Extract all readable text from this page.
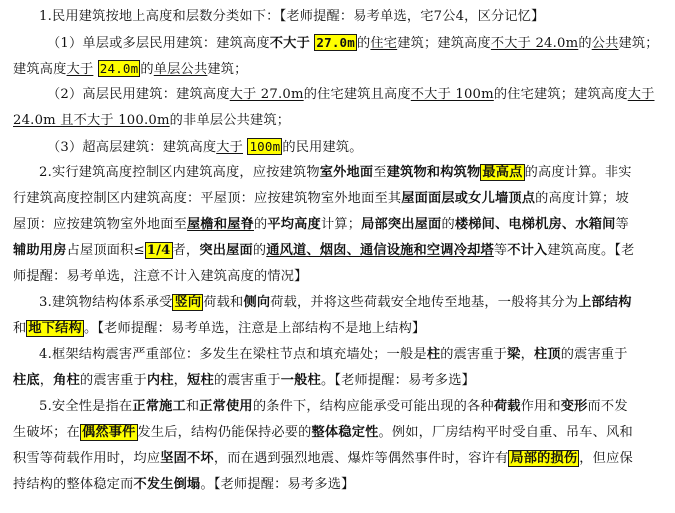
1.民用建筑按地上高度和层数分类如下：【老师提醒：易考单选，宅7公4，区分记忆】
（1）单层或多层民用建筑：建筑高度不大于 27.0m 的住宅建筑；建筑高度不大于 24.0m的公共建筑；
建筑高度大于 24.0m 的单层公共建筑；
（2）高层民用建筑：建筑高度大于 27.0m的住宅建筑且高度不大于 100m的住宅建筑；建筑高度大于
24.0m 且不大于 100.0m的非单层公共建筑；
（3）超高层建筑：建筑高度大于 100m 的民用建筑。
2.实行建筑高度控制区内建筑高度，应按建筑物室外地面至建筑物和构筑物 最高点 的高度计算。非实
行建筑高度控制区内建筑高度：平屋顶：应按建筑物室外地面至其屋面面层或女儿墙顶点的高度计算；坡
屋顶：应按建筑物室外地面至屋檐和屋脊的平均高度计算；局部突出屋面的楼梯间、电梯机房、水箱间等
辅助用房占屋顶面积≤ 1/4 者，突出屋面的通风道、烟囱、通信设施和空调冷却塔等不计入建筑高度。【老
师提醒：易考单选，注意不计入建筑高度的情况】
3.建筑物结构体系承受 竖向 荷载和侧向荷载，并将这些荷载安全地传至地基，一般将其分为上部结构
和 地下结构 。【老师提醒：易考单选，注意是上部结构不是地上结构】
4.框架结构震害严重部位：多发生在梁柱节点和填充墙处；一般是柱的震害重于梁，柱顶的震害重于
柱底，角柱的震害重于内柱，短柱的震害重于一般柱。【老师提醒：易考多选】
5.安全性是指在正常施工和正常使用的条件下，结构应能承受可能出现的各种荷载作用和变形而不发
生破坏；在 偶然事件 发生后，结构仍能保持必要的整体稳定性。例如，厂房结构平时受自重、吊车、风和
积雪等荷载作用时，均应坚固不坏，而在遇到强烈地震、爆炸等偶然事件时，容许有 局部的损伤 ，但应保
持结构的整体稳定而不发生倒塌。【老师提醒：易考多选】
